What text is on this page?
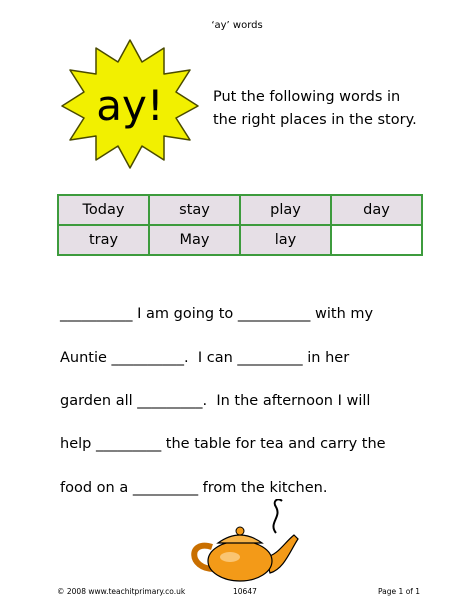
‘ay’ words
ay!	Put the following words in
the right places in the story.
Today	stay	play	day
tray	May	lay	
__________ I am going to __________ with my
Auntie __________.  I can _________ in her
garden all _________.  In the afternoon I will
help _________ the table for tea and carry the
food on a _________ from the kitchen.
© 2008 www.teachitprimary.co.uk	10647	Page 1 of 1
